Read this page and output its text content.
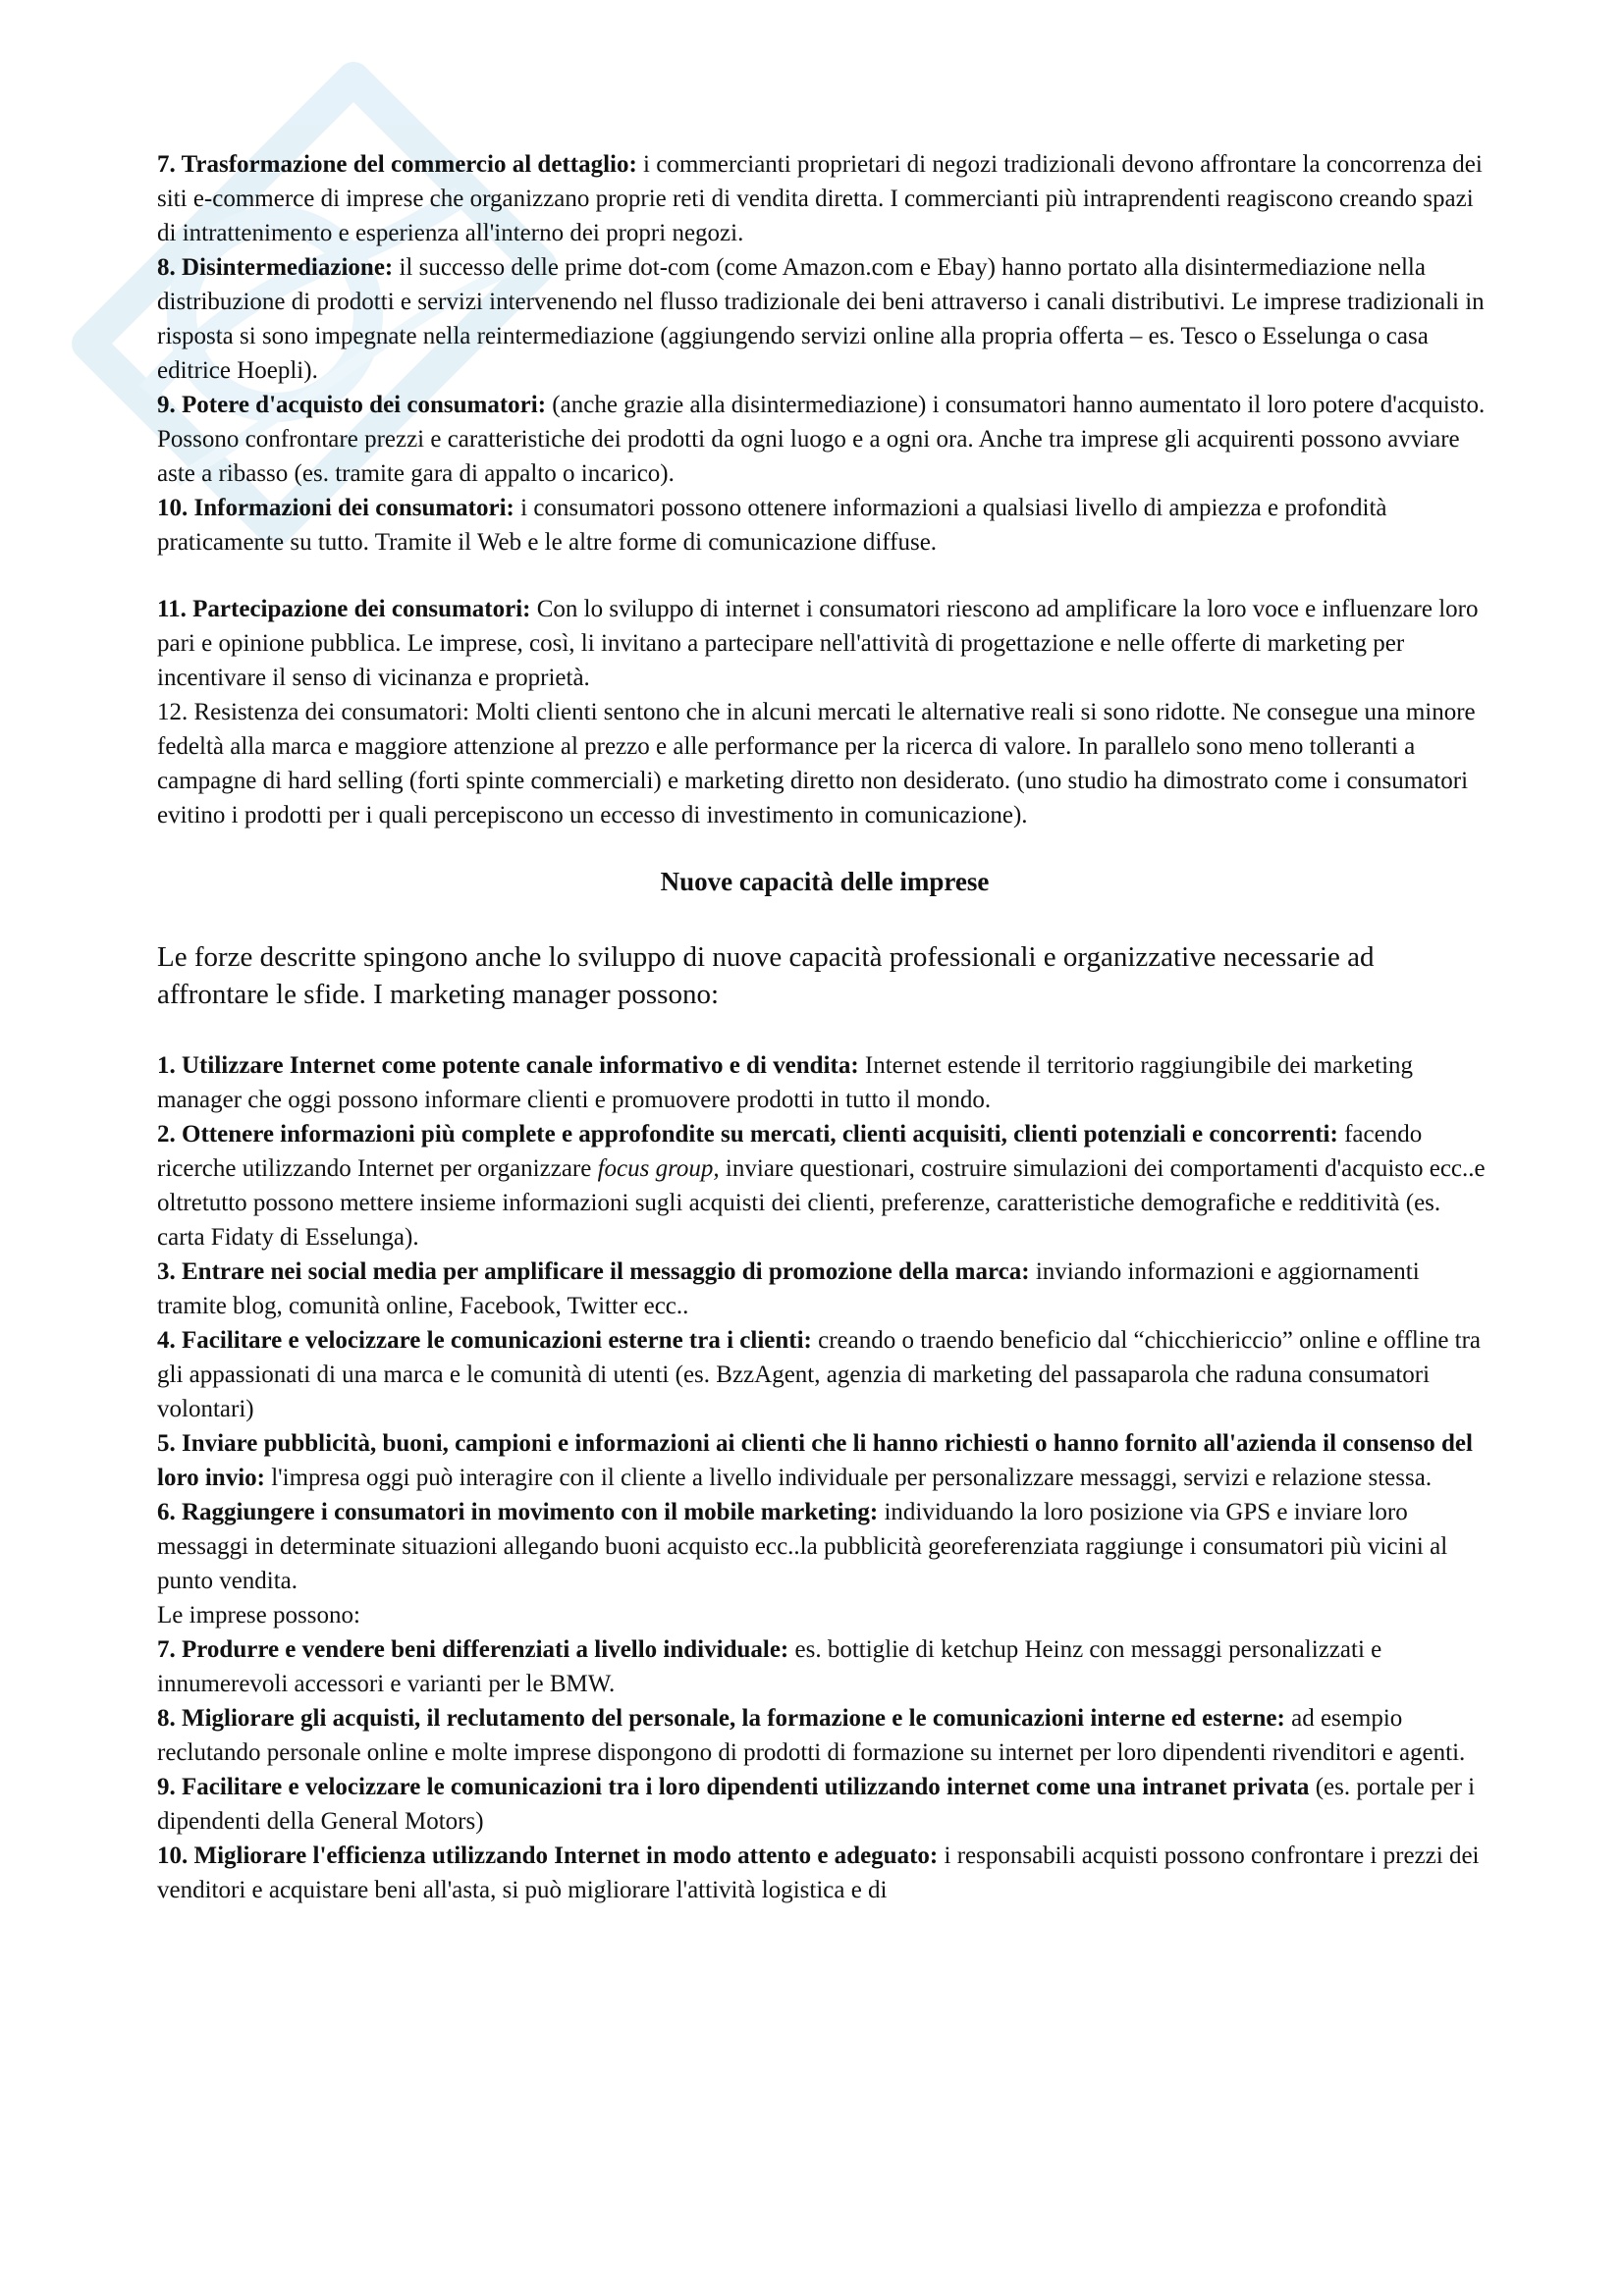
7. Trasformazione del commercio al dettaglio: i commercianti proprietari di negozi tradizionali devono affrontare la concorrenza dei siti e-commerce di imprese che organizzano proprie reti di vendita diretta. I commercianti più intraprendenti reagiscono creando spazi di intrattenimento e esperienza all'interno dei propri negozi.

8. Disintermediazione: il successo delle prime dot-com (come Amazon.com e Ebay) hanno portato alla disintermediazione nella distribuzione di prodotti e servizi intervenendo nel flusso tradizionale dei beni attraverso i canali distributivi. Le imprese tradizionali in risposta si sono impegnate nella reintermediazione (aggiungendo servizi online alla propria offerta – es. Tesco o Esselunga o casa editrice Hoepli).

9. Potere d'acquisto dei consumatori: (anche grazie alla disintermediazione) i consumatori hanno aumentato il loro potere d'acquisto. Possono confrontare prezzi e caratteristiche dei prodotti da ogni luogo e a ogni ora. Anche tra imprese gli acquirenti possono avviare aste a ribasso (es. tramite gara di appalto o incarico).

10. Informazioni dei consumatori: i consumatori possono ottenere informazioni a qualsiasi livello di ampiezza e profondità praticamente su tutto. Tramite il Web e le altre forme di comunicazione diffuse.

11. Partecipazione dei consumatori: Con lo sviluppo di internet i consumatori riescono ad amplificare la loro voce e influenzare loro pari e opinione pubblica. Le imprese, così, li invitano a partecipare nell'attività di progettazione e nelle offerte di marketing per incentivare il senso di vicinanza e proprietà.

12. Resistenza dei consumatori: Molti clienti sentono che in alcuni mercati le alternative reali si sono ridotte. Ne consegue una minore fedeltà alla marca e maggiore attenzione al prezzo e alle performance per la ricerca di valore. In parallelo sono meno tolleranti a campagne di hard selling (forti spinte commerciali) e marketing diretto non desiderato. (uno studio ha dimostrato come i consumatori evitino i prodotti per i quali percepiscono un eccesso di investimento in comunicazione).

Nuove capacità delle imprese

Le forze descritte spingono anche lo sviluppo di nuove capacità professionali e organizzative necessarie ad affrontare le sfide. I marketing manager possono:

1. Utilizzare Internet come potente canale informativo e di vendita: Internet estende il territorio raggiungibile dei marketing manager che oggi possono informare clienti e promuovere prodotti in tutto il mondo.

2. Ottenere informazioni più complete e approfondite su mercati, clienti acquisiti, clienti potenziali e concorrenti: facendo ricerche utilizzando Internet per organizzare focus group, inviare questionari, costruire simulazioni dei comportamenti d'acquisto ecc..e oltretutto possono mettere insieme informazioni sugli acquisti dei clienti, preferenze, caratteristiche demografiche e redditività (es. carta Fidaty di Esselunga).

3. Entrare nei social media per amplificare il messaggio di promozione della marca: inviando informazioni e aggiornamenti tramite blog, comunità online, Facebook, Twitter ecc..

4. Facilitare e velocizzare le comunicazioni esterne tra i clienti: creando o traendo beneficio dal “chicchiericcio” online e offline tra gli appassionati di una marca e le comunità di utenti (es. BzzAgent, agenzia di marketing del passaparola che raduna consumatori volontari)

5. Inviare pubblicità, buoni, campioni e informazioni ai clienti che li hanno richiesti o hanno fornito all'azienda il consenso del loro invio: l'impresa oggi può interagire con il cliente a livello individuale per personalizzare messaggi, servizi e relazione stessa.

6. Raggiungere i consumatori in movimento con il mobile marketing: individuando la loro posizione via GPS e inviare loro messaggi in determinate situazioni allegando buoni acquisto ecc..la pubblicità georeferenziata raggiunge i consumatori più vicini al punto vendita.

Le imprese possono:

7. Produrre e vendere beni differenziati a livello individuale: es. bottiglie di ketchup Heinz con messaggi personalizzati e innumerevoli accessori e varianti per le BMW.

8. Migliorare gli acquisti, il reclutamento del personale, la formazione e le comunicazioni interne ed esterne: ad esempio reclutando personale online e molte imprese dispongono di prodotti di formazione su internet per loro dipendenti rivenditori e agenti.

9. Facilitare e velocizzare le comunicazioni tra i loro dipendenti utilizzando internet come una intranet privata (es. portale per i dipendenti della General Motors)

10. Migliorare l'efficienza utilizzando Internet in modo attento e adeguato: i responsabili acquisti possono confrontare i prezzi dei venditori e acquistare beni all'asta, si può migliorare l'attività logistica e di
